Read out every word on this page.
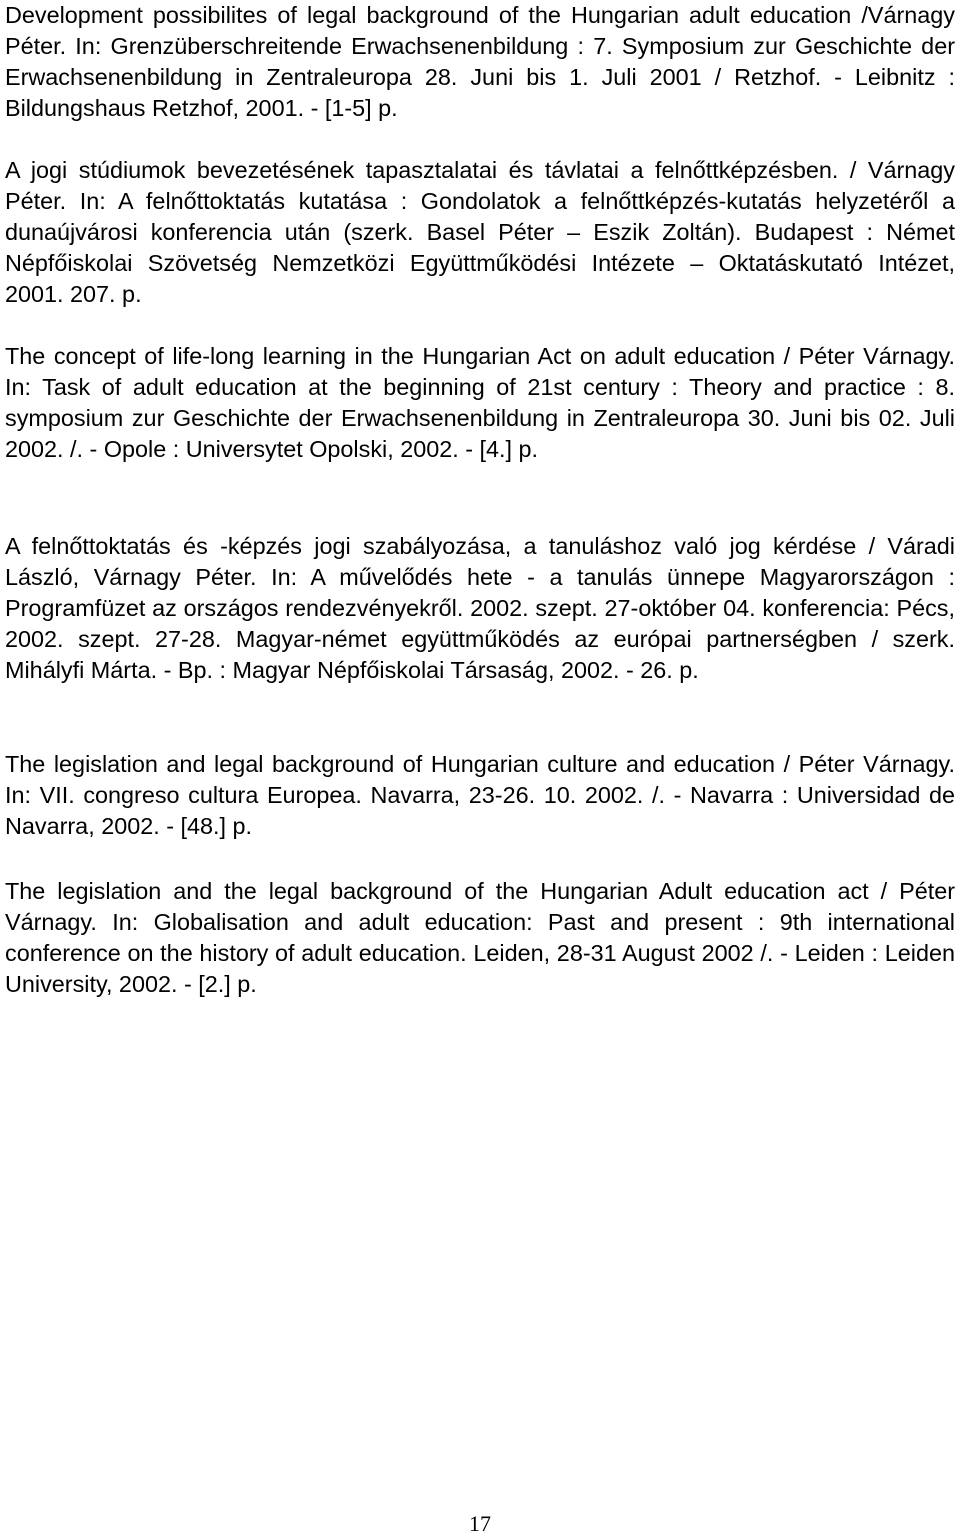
Development possibilites of legal background of the Hungarian adult education /Várnagy Péter. In: Grenzüberschreitende Erwachsenenbildung : 7. Symposium zur Geschichte der Erwachsenenbildung in Zentraleuropa 28. Juni bis 1. Juli 2001 / Retzhof. - Leibnitz : Bildungshaus Retzhof, 2001. - [1-5] p.

A jogi stúdiumok bevezetésének tapasztalatai és távlatai a felnőttképzésben. / Várnagy Péter. In: A felnőttoktatás kutatása : Gondolatok a felnőttképzés-kutatás helyzetéről a dunaújvárosi konferencia után (szerk. Basel Péter – Eszik Zoltán). Budapest : Német Népfőiskolai Szövetség Nemzetközi Együttműködési Intézete – Oktatáskutató Intézet, 2001. 207. p.

The concept of life-long learning in the Hungarian Act on adult education / Péter Várnagy. In: Task of adult education at the beginning of 21st century : Theory and practice : 8. symposium zur Geschichte der Erwachsenenbildung in Zentraleuropa 30. Juni bis 02. Juli 2002. /. - Opole : Universytet Opolski, 2002. - [4.] p.

A felnőttoktatás és -képzés jogi szabályozása, a tanuláshoz való jog kérdése / Váradi László, Várnagy Péter. In: A művelődés hete - a tanulás ünnepe Magyarországon : Programfüzet az országos rendezvényekről. 2002. szept. 27-október 04. konferencia: Pécs, 2002. szept. 27-28. Magyar-német együttműködés az európai partnerségben / szerk. Mihályfi Márta. - Bp. : Magyar Népfőiskolai Társaság, 2002. - 26. p.

The legislation and legal background of Hungarian culture and education / Péter Várnagy. In: VII. congreso cultura Europea. Navarra, 23-26. 10. 2002. /. - Navarra : Universidad de Navarra, 2002. - [48.] p.

The legislation and the legal background of the Hungarian Adult education act / Péter Várnagy. In: Globalisation and adult education: Past and present : 9th international conference on the history of adult education. Leiden, 28-31 August 2002 /. - Leiden : Leiden University, 2002. - [2.] p.

17
